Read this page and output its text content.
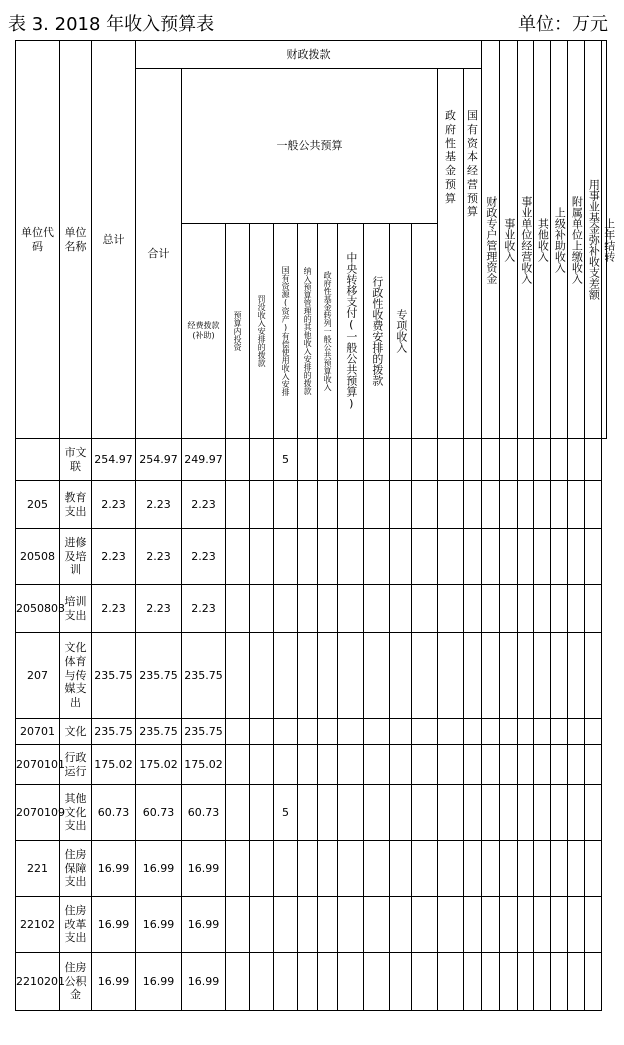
表 3. 2018 年收入预算表	单位：万元
单位代码	单位名称	总计	财政拨款													财政专户管理资金	事业收入	事业单位经营收入	其他收入	上级补助收入	附属单位上缴收入	用事业基金弥补收支差额	上年结转

			合计	一般公共预算										政府性基金预算	国有资本经营预算								

				经费拨款(补助)	预算内投资	罚没收入安排的拨款	国有资源(资产)有偿使用收入安排	纳入预算管理的其他收入安排的拨款	政府性基金转列一般公共预算收入	中央转移支付(一般公共预算)	行政性收费安排的拨款	专项收入											

	市文联	254.97	254.97	249.97			5																
205	教育支出	2.23	2.23	2.23																			
20508	进修及培训	2.23	2.23	2.23																			
2050803	培训支出	2.23	2.23	2.23																			
207	文化体育与传媒支出	235.75	235.75	235.75																			
20701	文化	235.75	235.75	235.75																			
2070101	行政运行	175.02	175.02	175.02																			
2070109	其他文化支出	60.73	60.73	60.73			5																
221	住房保障支出	16.99	16.99	16.99																			
22102	住房改革支出	16.99	16.99	16.99																			
2210201	住房公积金	16.99	16.99	16.99																			
